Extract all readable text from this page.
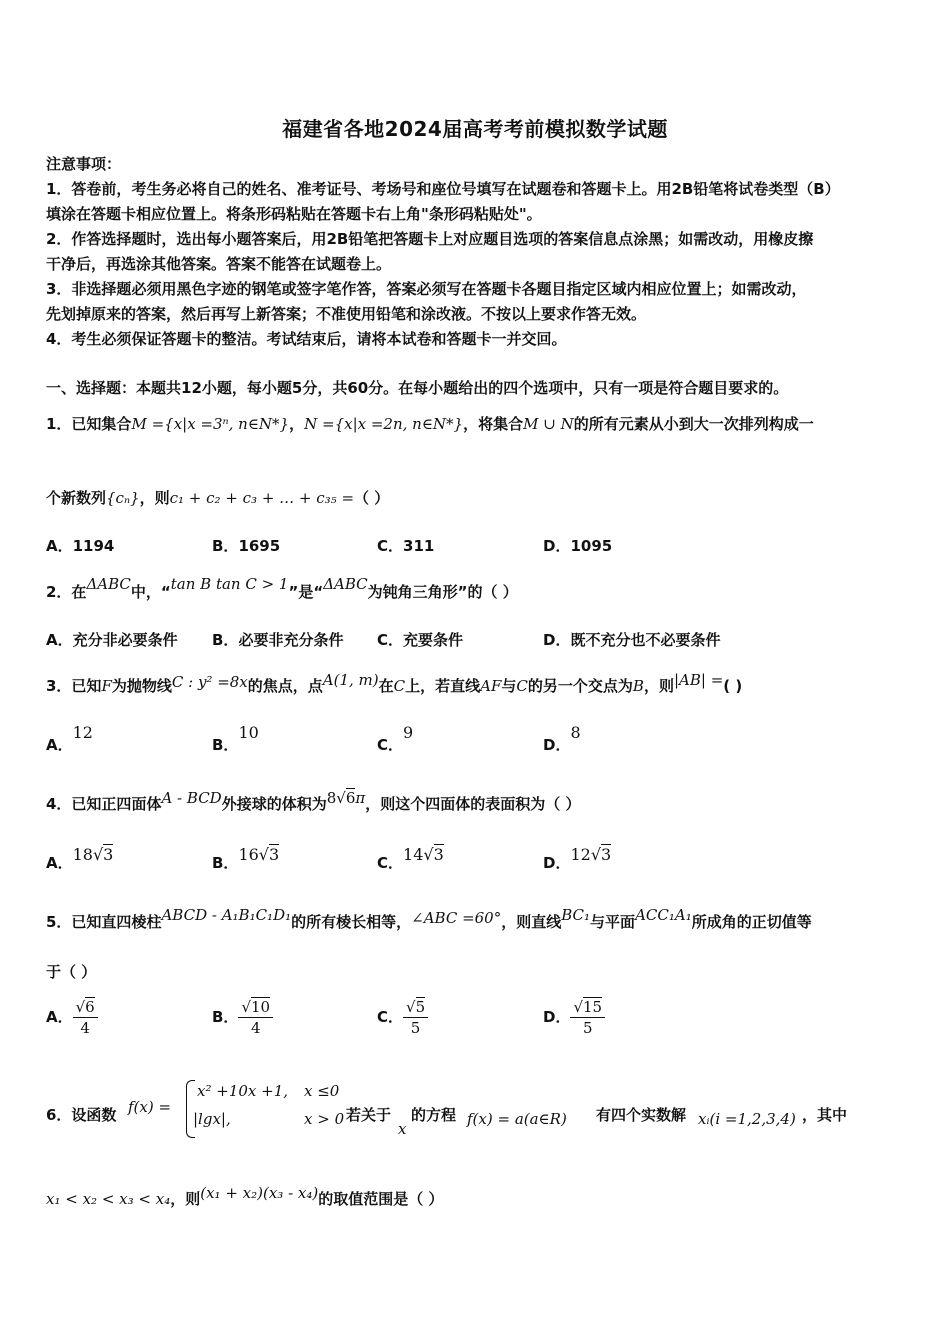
福建省各地2024届高考考前模拟数学试题
注意事项：
1．答卷前，考生务必将自己的姓名、准考证号、考场号和座位号填写在试题卷和答题卡上。用2B铅笔将试卷类型（B）
填涂在答题卡相应位置上。将条形码粘贴在答题卡右上角"条形码粘贴处"。
2．作答选择题时，选出每小题答案后，用2B铅笔把答题卡上对应题目选项的答案信息点涂黑；如需改动，用橡皮擦
干净后，再选涂其他答案。答案不能答在试题卷上。
3．非选择题必须用黑色字迹的钢笔或签字笔作答，答案必须写在答题卡各题目指定区域内相应位置上；如需改动，
先划掉原来的答案，然后再写上新答案；不准使用铅笔和涂改液。不按以上要求作答无效。
4．考生必须保证答题卡的整洁。考试结束后，请将本试卷和答题卡一并交回。
一、选择题：本题共12小题，每小题5分，共60分。在每小题给出的四个选项中，只有一项是符合题目要求的。
1．已知集合M ={x|x =3ⁿ, n∈N*}，N ={x|x =2n, n∈N*}，将集合M ∪ N的所有元素从小到大一次排列构成一
个新数列{cₙ}，则c₁ + c₂ + c₃ + … + c₃₅ =（ ）
A．1194	B．1695	C．311	D．1095
2．在ΔABC中，“tan B tan C > 1”是“ΔABC为钝角三角形”的（ ）
A．充分非必要条件 B．必要非充分条件 C．充要条件	D．既不充分也不必要条件
3．已知F为抛物线C : y² =8x的焦点，点A(1, m)在C上，若直线AF与C的另一个交点为B，则|AB| =( )
A．12
B．10
C．9
D．8
4．已知正四面体A - BCD外接球的体积为8√6π，则这个四面体的表面积为（ ）
A．18√3	B．16√3	C．14√3	D．12√3
5．已知直四棱柱ABCD - A₁B₁C₁D₁的所有棱长相等，∠ABC =60°，则直线BC₁与平面ACC₁A₁所成角的正切值等
于（ ）
A． $\frac{√6}{4}$	B． $\frac{√10}{4}$	C． $\frac{√5}{5}$	D． $\frac{√15}{5}$
6．设函数 f(x) =
x² +10x +1, x ≤0
|lgx|,	x > 0 若关于
x
的方程 f(x) = a(a∈R) 有四个实数解 xᵢ(i =1,2,3,4) ，其中
x₁ < x₂ < x₃ < x₄，则(x₁ + x₂)(x₃ - x₄)的取值范围是（ ）
